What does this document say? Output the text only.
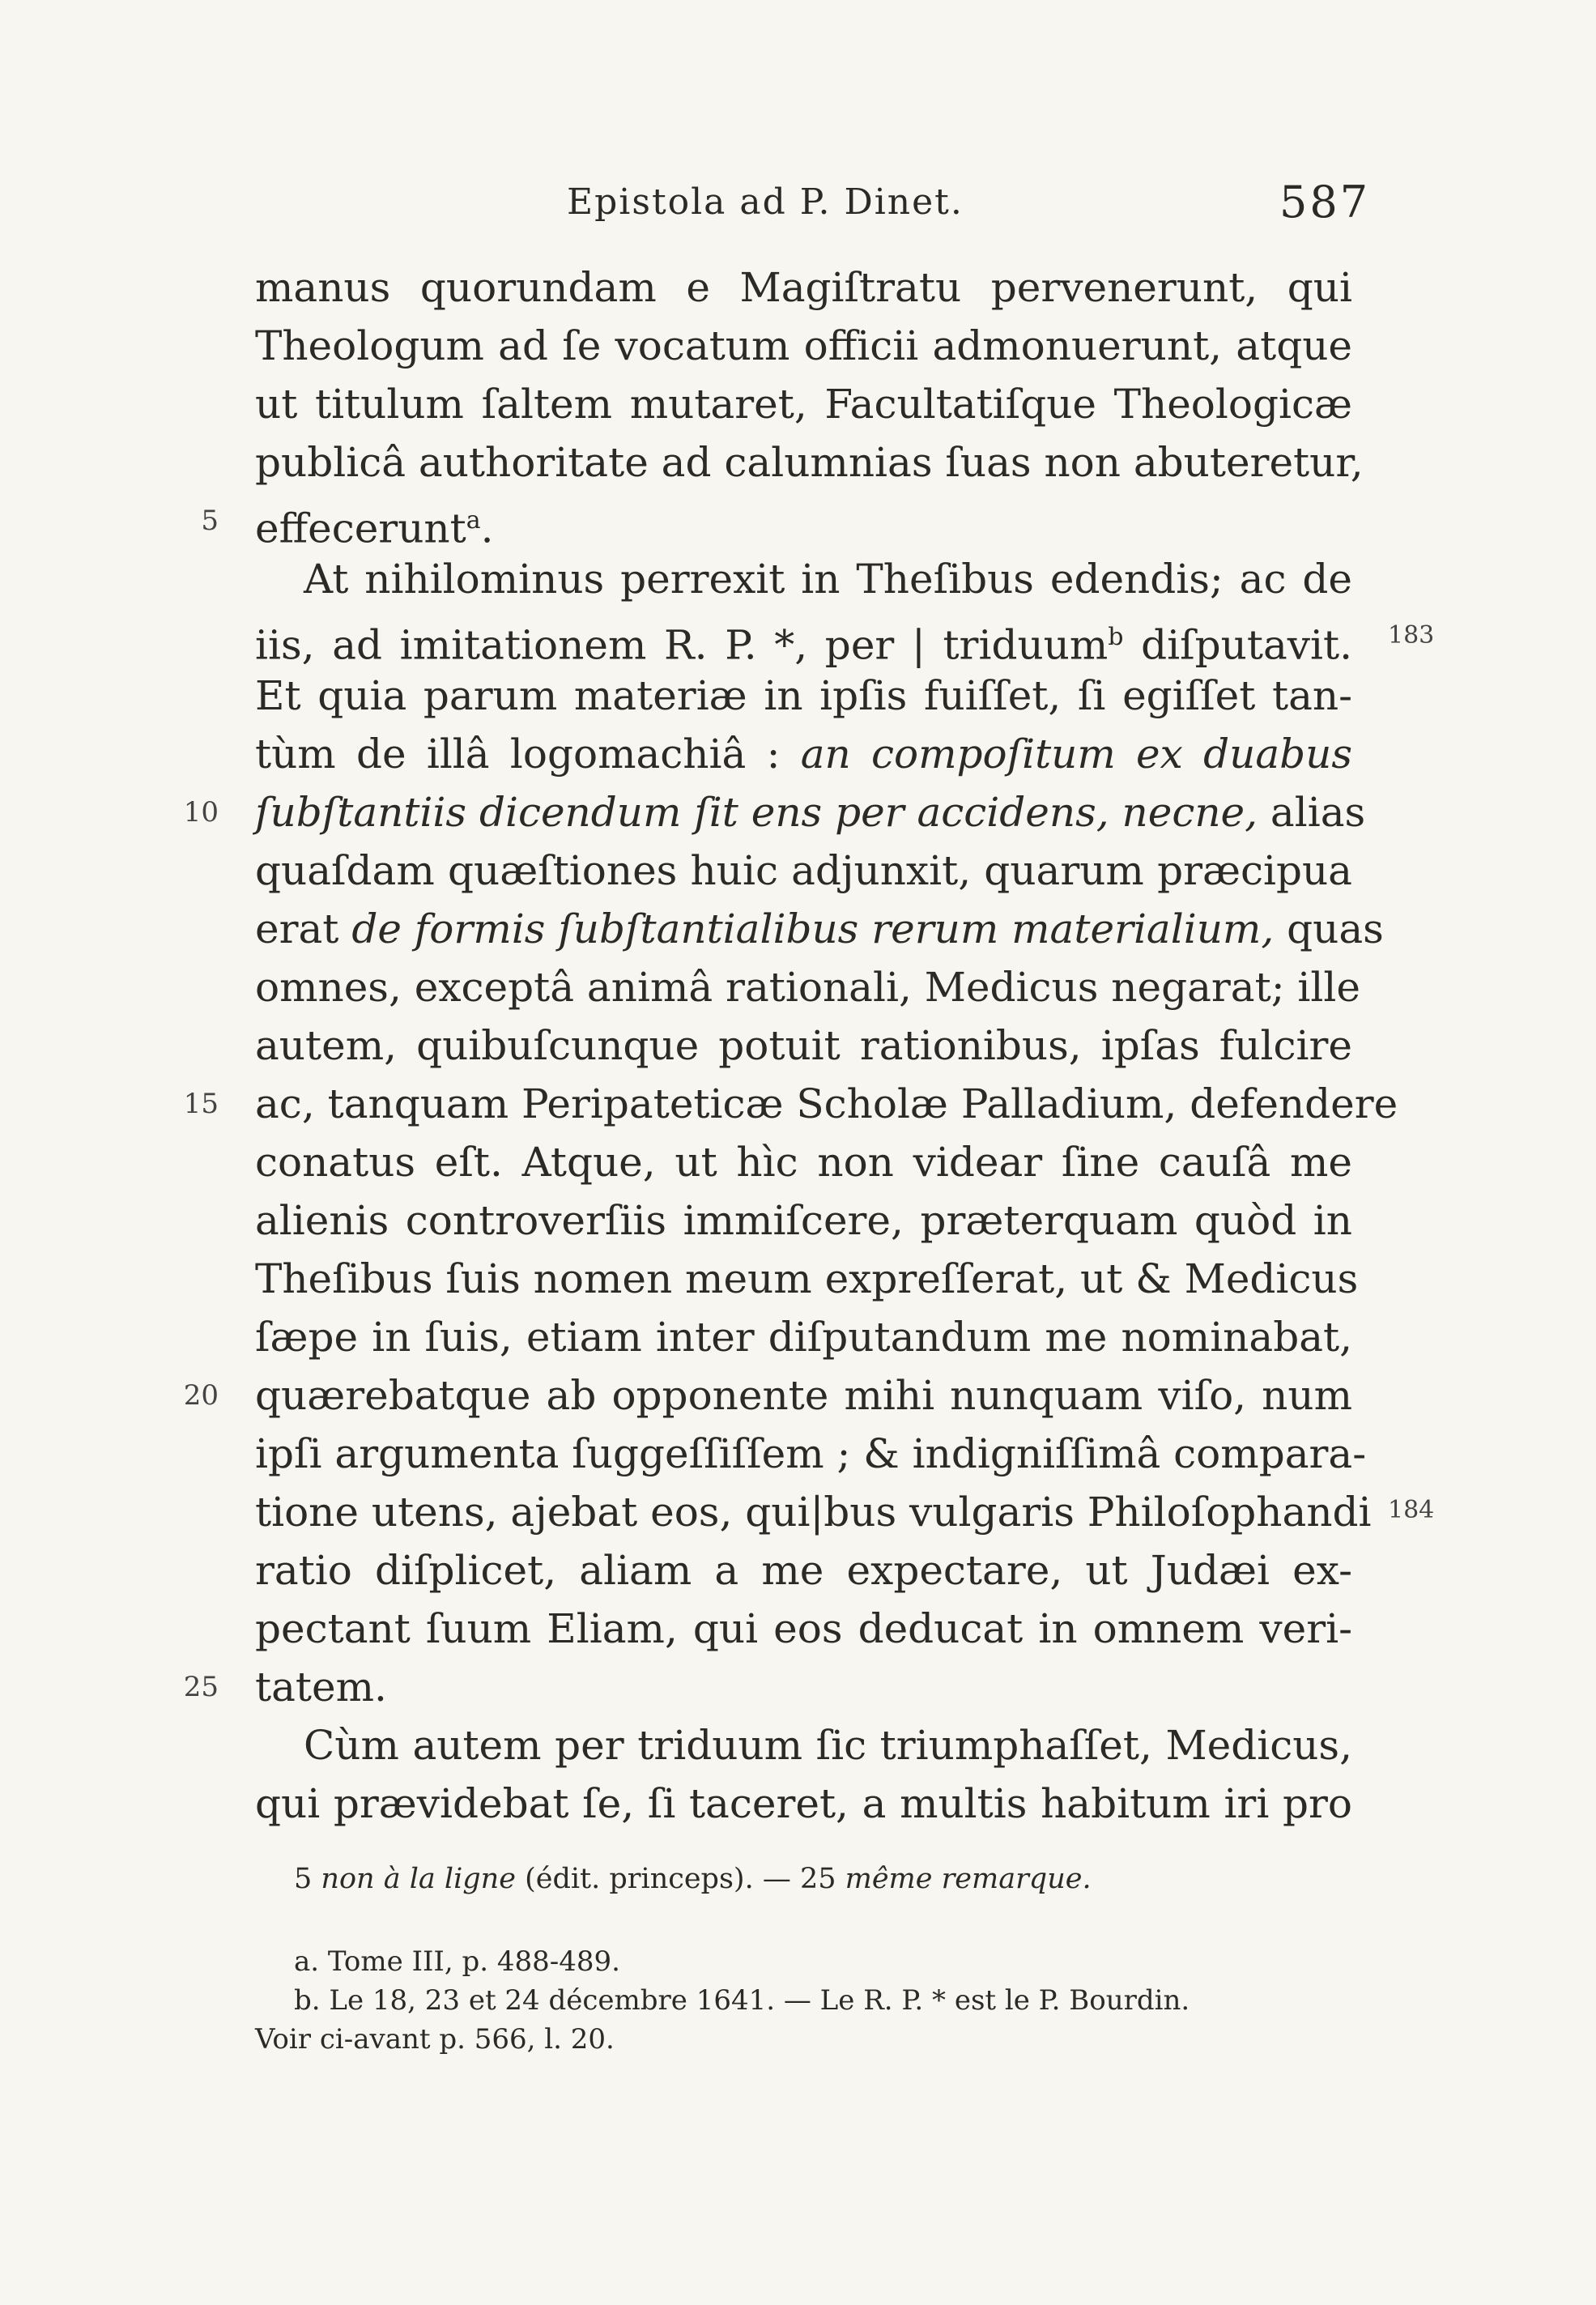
Epistola ad P. Dinet.	587
manus quorundam e Magiſtratu pervenerunt, qui
Theologum ad ſe vocatum officii admonuerunt, atque
ut titulum ſaltem mutaret, Facultatiſque Theologicæ
publicâ authoritate ad calumnias ſuas non abuteretur,
effecerunt$^a$.
At nihilominus perrexit in Theſibus edendis; ac de
iis, ad imitationem R. P. *, per | triduum$^b$ diſputavit.
Et quia parum materiæ in ipſis fuiſſet, ſi egiſſet tan-
tùm de illâ logomachiâ : an compoſitum ex duabus
ſubſtantiis dicendum ſit ens per accidens, necne, alias
quaſdam quæſtiones huic adjunxit, quarum præcipua
erat de formis ſubſtantialibus rerum materialium, quas
omnes, exceptâ animâ rationali, Medicus negarat; ille
autem, quibuſcunque potuit rationibus, ipſas fulcire
ac, tanquam Peripateticæ Scholæ Palladium, defendere
conatus eſt. Atque, ut hìc non videar ſine cauſâ me
alienis controverſiis immiſcere, præterquam quòd in
Theſibus ſuis nomen meum expreſſerat, ut & Medicus
ſæpe in ſuis, etiam inter diſputandum me nominabat,
quærebatque ab opponente mihi nunquam viſo, num
ipſi argumenta ſuggeſſiſſem ; & indigniſſimâ compara-
tione utens, ajebat eos, qui|bus vulgaris Philoſophandi
ratio diſplicet, aliam a me expectare, ut Judæi ex-
pectant ſuum Eliam, qui eos deducat in omnem veri-
tatem.
Cùm autem per triduum ſic triumphaſſet, Medicus,
qui prævidebat ſe, ſi taceret, a multis habitum iri pro
5
10
15
20
25
183
184
5 non à la ligne (édit. princeps). — 25 même remarque.
a. Tome III, p. 488-489.
b. Le 18, 23 et 24 décembre 1641. — Le R. P. * est le P. Bourdin.
Voir ci-avant p. 566, l. 20.
